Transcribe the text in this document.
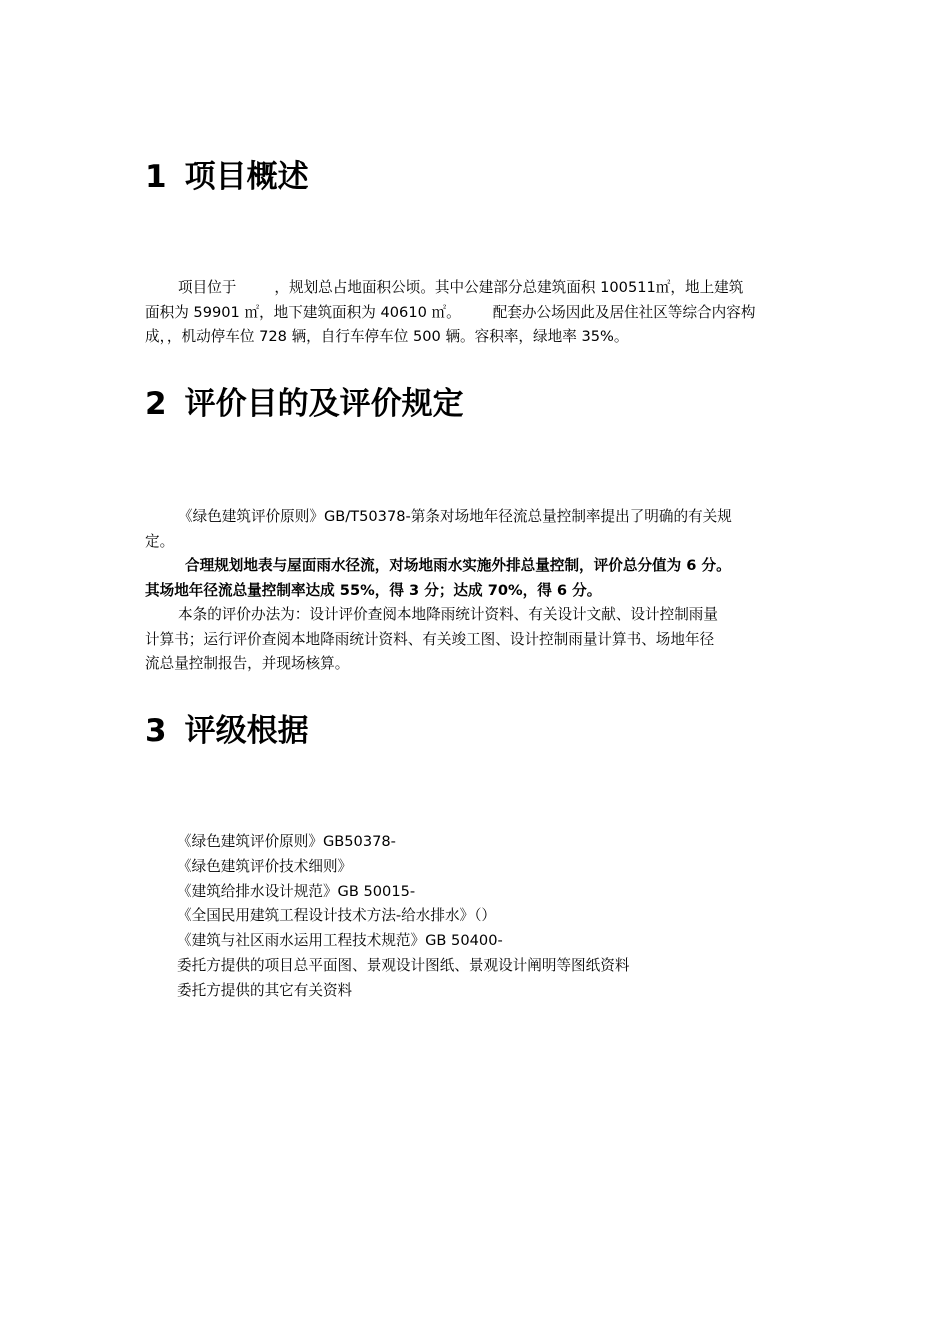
1 项目概述
项目位于	，规划总占地面积公顷。其中公建部分总建筑面积 100511㎡，地上建筑
面积为 59901 ㎡，地下建筑面积为 40610 ㎡。 配套办公场因此及居住社区等综合内容构
成，，机动停车位 728 辆，自行车停车位 500 辆。容积率，绿地率 35%。
2 评价目的及评价规定
《绿色建筑评价原则》GB/T50378-第条对场地年径流总量控制率提出了明确的有关规
定。
合理规划地表与屋面雨水径流，对场地雨水实施外排总量控制，评价总分值为 6 分。
其场地年径流总量控制率达成 55%，得 3 分；达成 70%，得 6 分。
本条的评价办法为：设计评价查阅本地降雨统计资料、有关设计文献、设计控制雨量
计算书；运行评价查阅本地降雨统计资料、有关竣工图、设计控制雨量计算书、场地年径
流总量控制报告，并现场核算。
3 评级根据
《绿色建筑评价原则》GB50378-
《绿色建筑评价技术细则》
《建筑给排水设计规范》GB 50015-
《全国民用建筑工程设计技术方法-给水排水》（）
《建筑与社区雨水运用工程技术规范》GB 50400-
委托方提供的项目总平面图、景观设计图纸、景观设计阐明等图纸资料
委托方提供的其它有关资料
